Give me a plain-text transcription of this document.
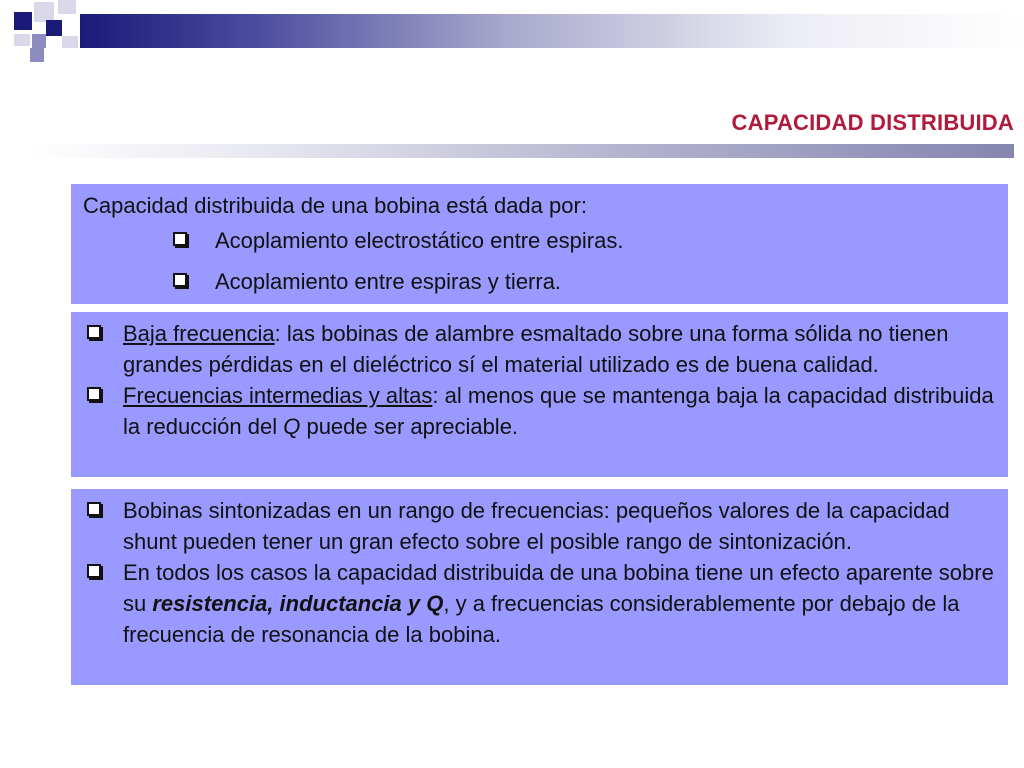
CAPACIDAD DISTRIBUIDA
Capacidad distribuida de una bobina está dada por:
Acoplamiento electrostático entre espiras.
Acoplamiento entre espiras y tierra.
Baja frecuencia: las bobinas de alambre esmaltado sobre una forma sólida no tienen grandes pérdidas en el dieléctrico sí el material utilizado es de buena calidad.
Frecuencias intermedias y altas: al menos que se mantenga baja la capacidad distribuida la reducción del Q puede ser apreciable.
Bobinas sintonizadas en un rango de frecuencias: pequeños valores de la capacidad shunt pueden tener un gran efecto sobre el posible rango de sintonización.
En todos los casos la capacidad distribuida de una bobina tiene un efecto aparente sobre su resistencia, inductancia y Q, y a frecuencias considerablemente por debajo de la frecuencia de resonancia de la bobina.
